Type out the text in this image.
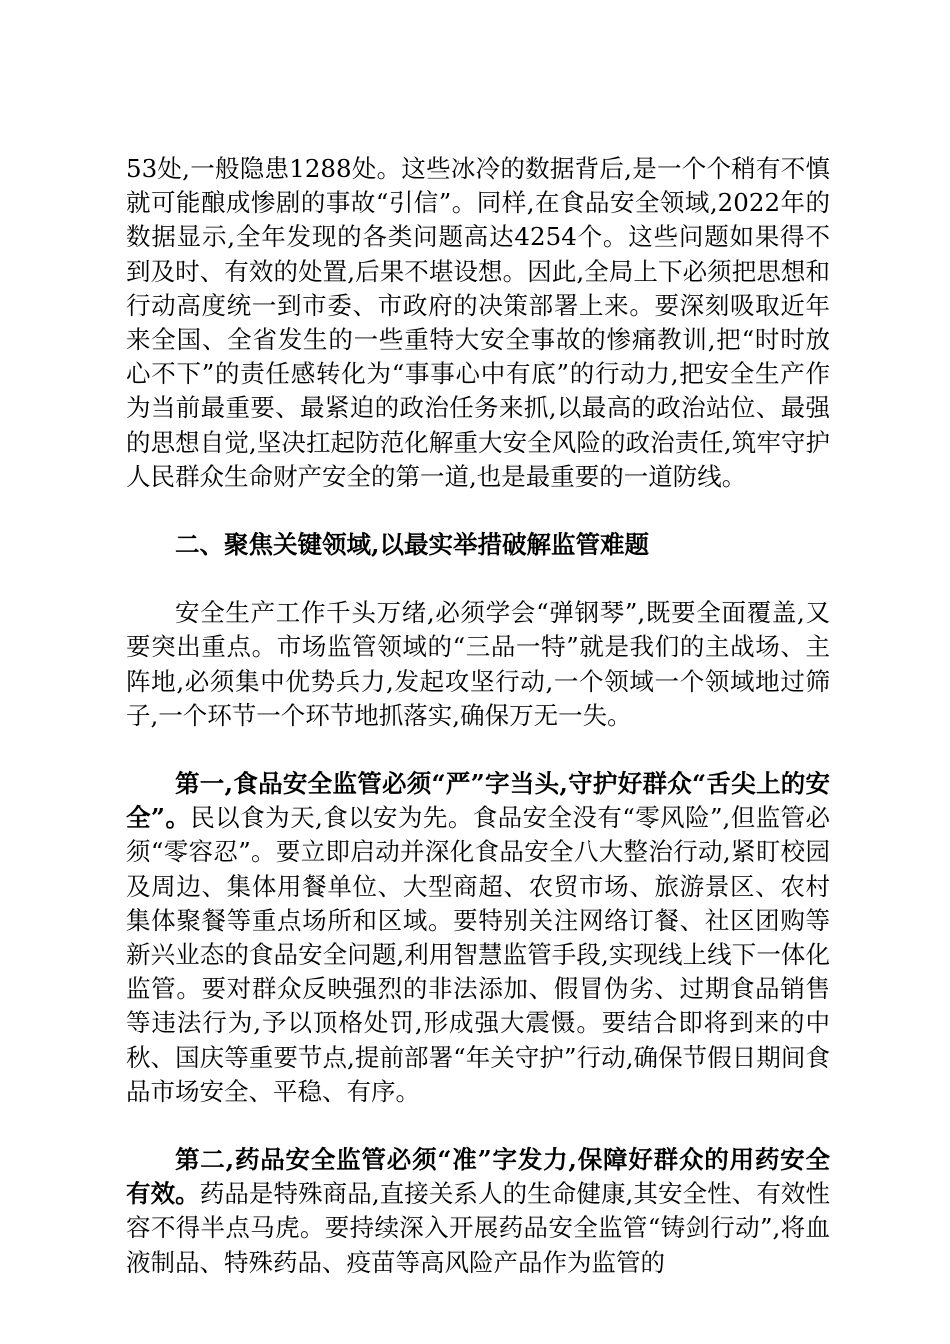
53处,一般隐患1288处。这些冰冷的数据背后,是一个个稍有不慎就可能酿成惨剧的事故“引信”。同样,在食品安全领域,2022年的数据显示,全年发现的各类问题高达4254个。这些问题如果得不到及时、有效的处置,后果不堪设想。因此,全局上下必须把思想和行动高度统一到市委、市政府的决策部署上来。要深刻吸取近年来全国、全省发生的一些重特大安全事故的惨痛教训,把“时时放心不下”的责任感转化为“事事心中有底”的行动力,把安全生产作为当前最重要、最紧迫的政治任务来抓,以最高的政治站位、最强的思想自觉,坚决扛起防范化解重大安全风险的政治责任,筑牢守护人民群众生命财产安全的第一道,也是最重要的一道防线。

二、聚焦关键领域,以最实举措破解监管难题

安全生产工作千头万绪,必须学会“弹钢琴”,既要全面覆盖,又要突出重点。市场监管领域的“三品一特”就是我们的主战场、主阵地,必须集中优势兵力,发起攻坚行动,一个领域一个领域地过筛子,一个环节一个环节地抓落实,确保万无一失。

第一,食品安全监管必须“严”字当头,守护好群众“舌尖上的安全”。民以食为天,食以安为先。食品安全没有“零风险”,但监管必须“零容忍”。要立即启动并深化食品安全八大整治行动,紧盯校园及周边、集体用餐单位、大型商超、农贸市场、旅游景区、农村集体聚餐等重点场所和区域。要特别关注网络订餐、社区团购等新兴业态的食品安全问题,利用智慧监管手段,实现线上线下一体化监管。要对群众反映强烈的非法添加、假冒伪劣、过期食品销售等违法行为,予以顶格处罚,形成强大震慑。要结合即将到来的中秋、国庆等重要节点,提前部署“年关守护”行动,确保节假日期间食品市场安全、平稳、有序。

第二,药品安全监管必须“准”字发力,保障好群众的用药安全有效。药品是特殊商品,直接关系人的生命健康,其安全性、有效性容不得半点马虎。要持续深入开展药品安全监管“铸剑行动”,将血液制品、特殊药品、疫苗等高风险产品作为监管的
